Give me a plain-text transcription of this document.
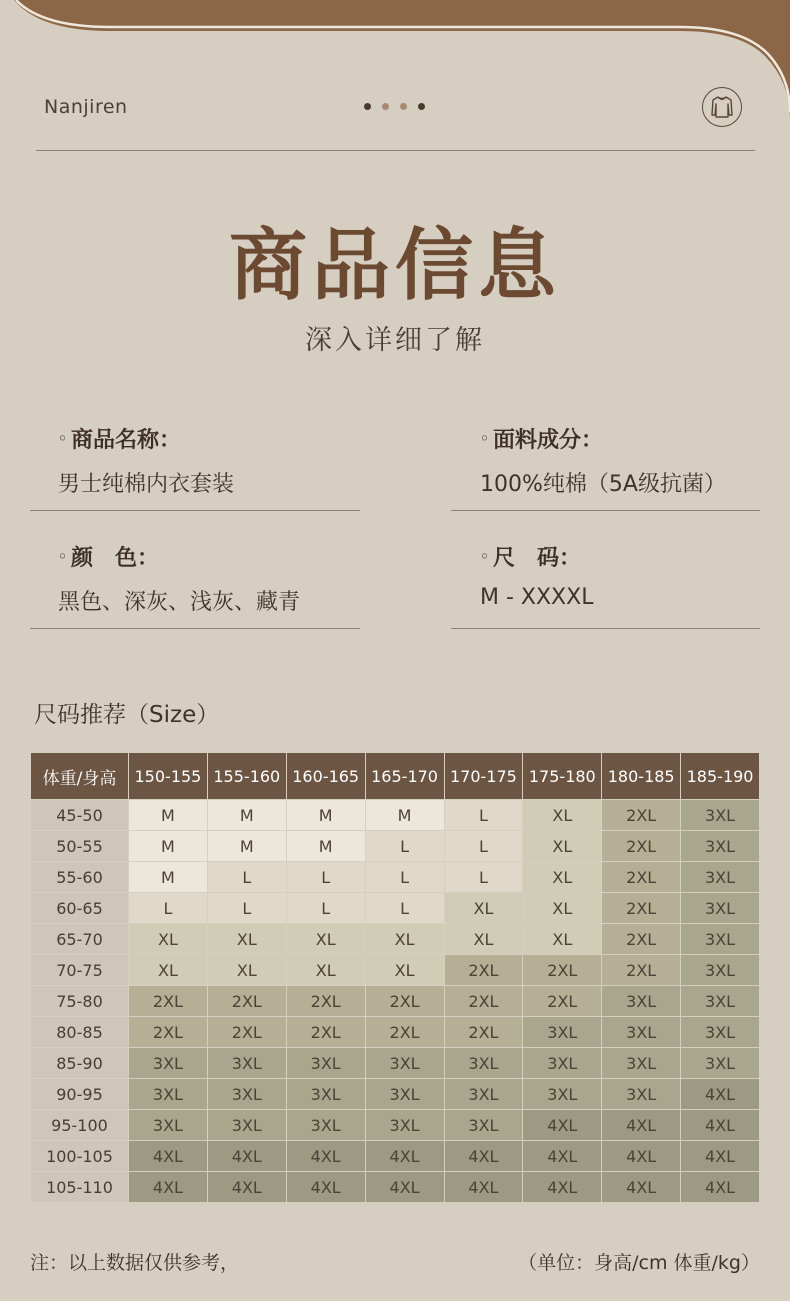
Nanjiren
商品信息
深入详细了解
◦ 商品名称：
男士纯棉内衣套装
◦ 面料成分：
100%纯棉（5A级抗菌）
◦ 颜　色：
黑色、深灰、浅灰、藏青
◦ 尺　码：
M - XXXXL
尺码推荐（Size）
体重/身高	150-155	155-160	160-165	165-170	170-175	175-180	180-185	185-190
45-50	M	M	M	M	L	XL	2XL	3XL
50-55	M	M	M	L	L	XL	2XL	3XL
55-60	M	L	L	L	L	XL	2XL	3XL
60-65	L	L	L	L	XL	XL	2XL	3XL
65-70	XL	XL	XL	XL	XL	XL	2XL	3XL
70-75	XL	XL	XL	XL	2XL	2XL	2XL	3XL
75-80	2XL	2XL	2XL	2XL	2XL	2XL	3XL	3XL
80-85	2XL	2XL	2XL	2XL	2XL	3XL	3XL	3XL
85-90	3XL	3XL	3XL	3XL	3XL	3XL	3XL	3XL
90-95	3XL	3XL	3XL	3XL	3XL	3XL	3XL	4XL
95-100	3XL	3XL	3XL	3XL	3XL	4XL	4XL	4XL
100-105	4XL	4XL	4XL	4XL	4XL	4XL	4XL	4XL
105-110	4XL	4XL	4XL	4XL	4XL	4XL	4XL	4XL
注：以上数据仅供参考，	（单位：身高/cm 体重/kg）
